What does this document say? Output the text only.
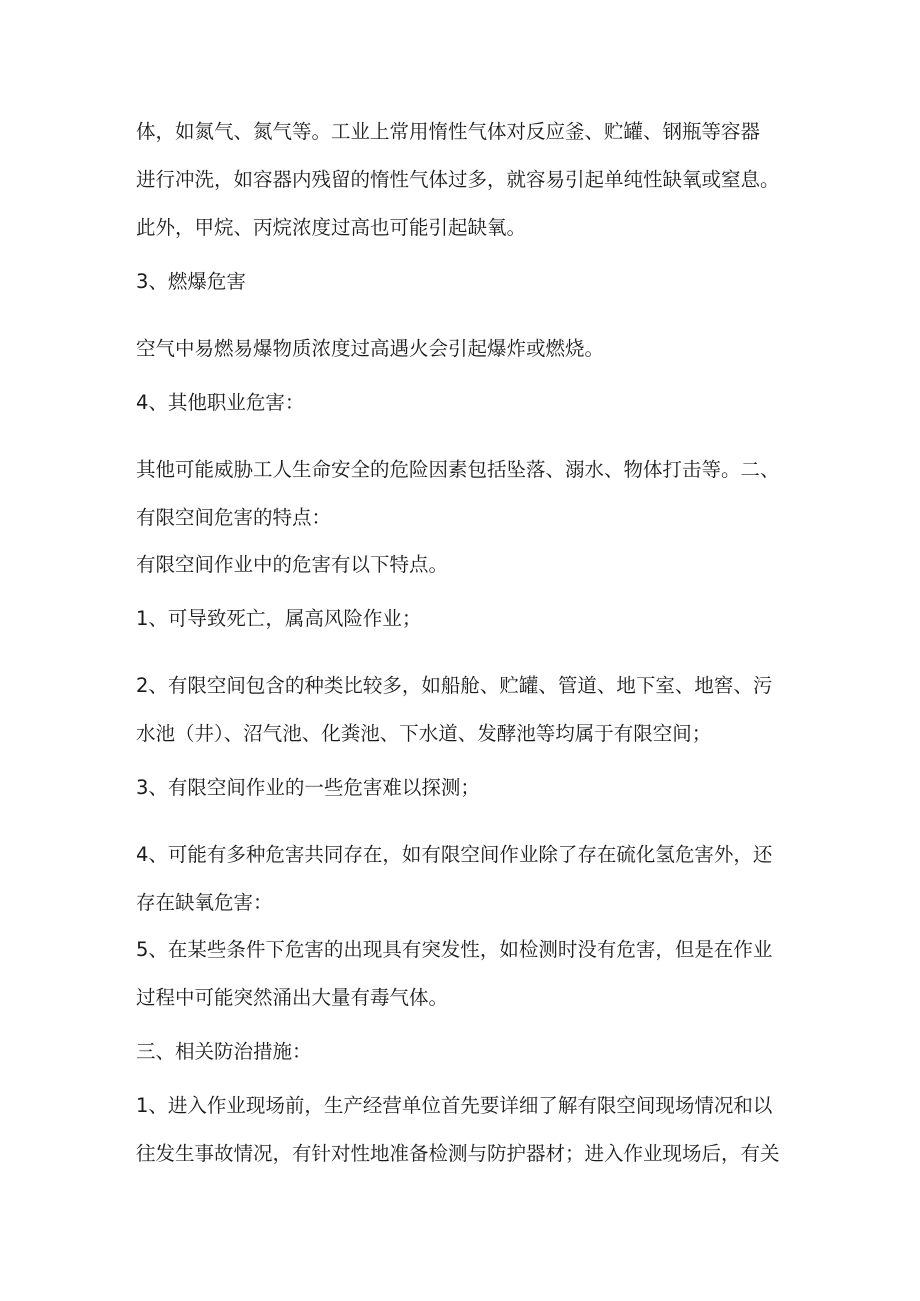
体，如氮气、氮气等。工业上常用惰性气体对反应釜、贮罐、钢瓶等容器
进行冲洗，如容器内残留的惰性气体过多，就容易引起单纯性缺氧或窒息。
此外，甲烷、丙烷浓度过高也可能引起缺氧。
3、燃爆危害
空气中易燃易爆物质浓度过高遇火会引起爆炸或燃烧。
4、其他职业危害：
其他可能威胁工人生命安全的危险因素包括坠落、溺水、物体打击等。二、
有限空间危害的特点：
有限空间作业中的危害有以下特点。
1、可导致死亡，属高风险作业；
2、有限空间包含的种类比较多，如船舱、贮罐、管道、地下室、地窖、污
水池（井）、沼气池、化粪池、下水道、发酵池等均属于有限空间；
3、有限空间作业的一些危害难以探测；
4、可能有多种危害共同存在，如有限空间作业除了存在硫化氢危害外，还
存在缺氧危害：
5、在某些条件下危害的出现具有突发性，如检测时没有危害，但是在作业
过程中可能突然涌出大量有毒气体。
三、相关防治措施：
1、进入作业现场前，生产经营单位首先要详细了解有限空间现场情况和以
往发生事故情况，有针对性地准备检测与防护器材；进入作业现场后，有关
